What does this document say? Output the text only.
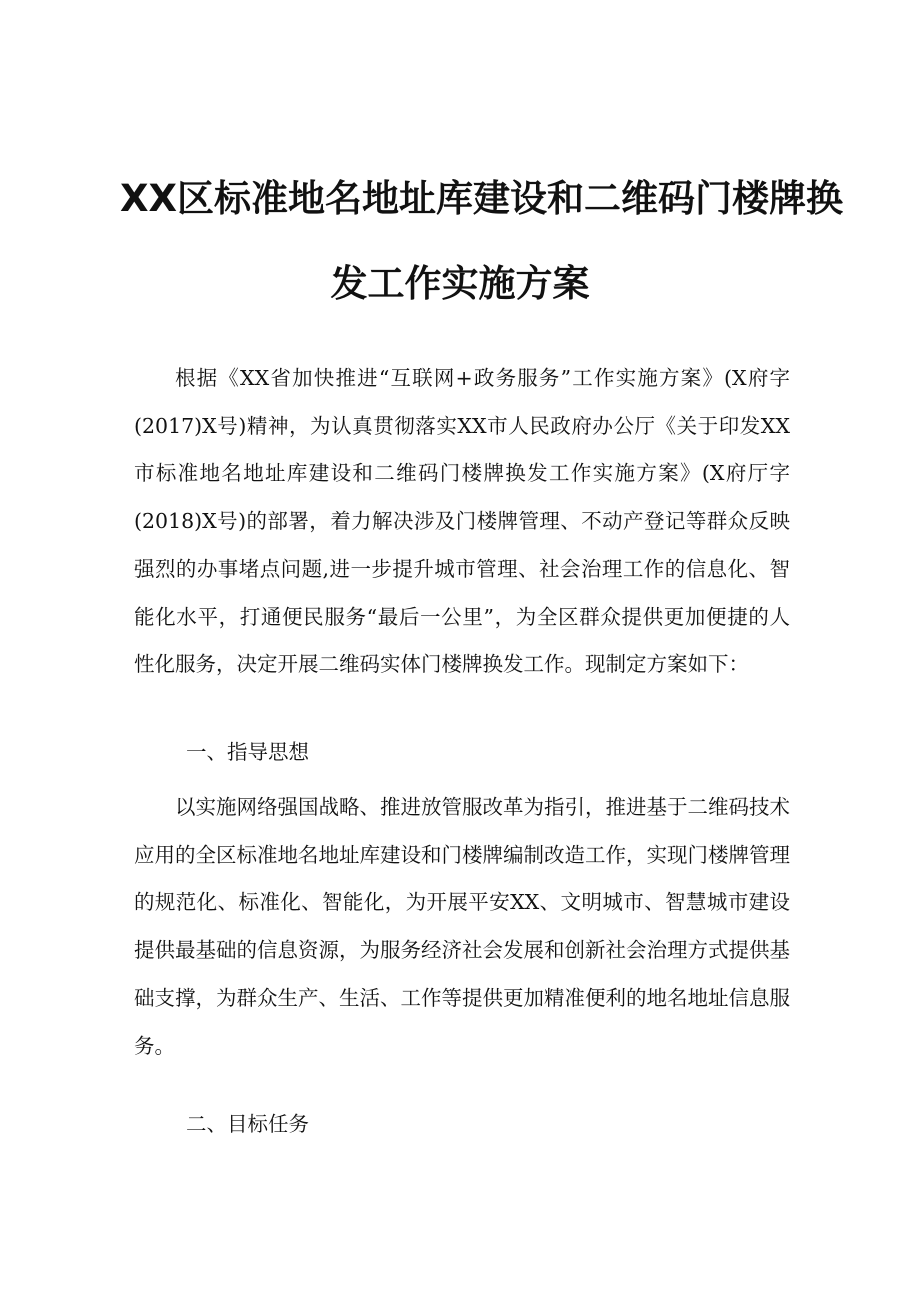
XX区标准地名地址库建设和二维码门楼牌换
发工作实施方案

根据《XX省加快推进“互联网+政务服务”工作实施方案》(X府字(2017)X号)精神，为认真贯彻落实XX市人民政府办公厅《关于印发XX市标准地名地址库建设和二维码门楼牌换发工作实施方案》(X府厅字(2018)X号)的部署，着力解决涉及门楼牌管理、不动产登记等群众反映强烈的办事堵点问题,进一步提升城市管理、社会治理工作的信息化、智能化水平，打通便民服务“最后一公里”，为全区群众提供更加便捷的人性化服务，决定开展二维码实体门楼牌换发工作。现制定方案如下：

一、指导思想

以实施网络强国战略、推进放管服改革为指引，推进基于二维码技术应用的全区标准地名地址库建设和门楼牌编制改造工作，实现门楼牌管理的规范化、标准化、智能化，为开展平安XX、文明城市、智慧城市建设提供最基础的信息资源，为服务经济社会发展和创新社会治理方式提供基础支撑，为群众生产、生活、工作等提供更加精准便利的地名地址信息服务。

二、目标任务
